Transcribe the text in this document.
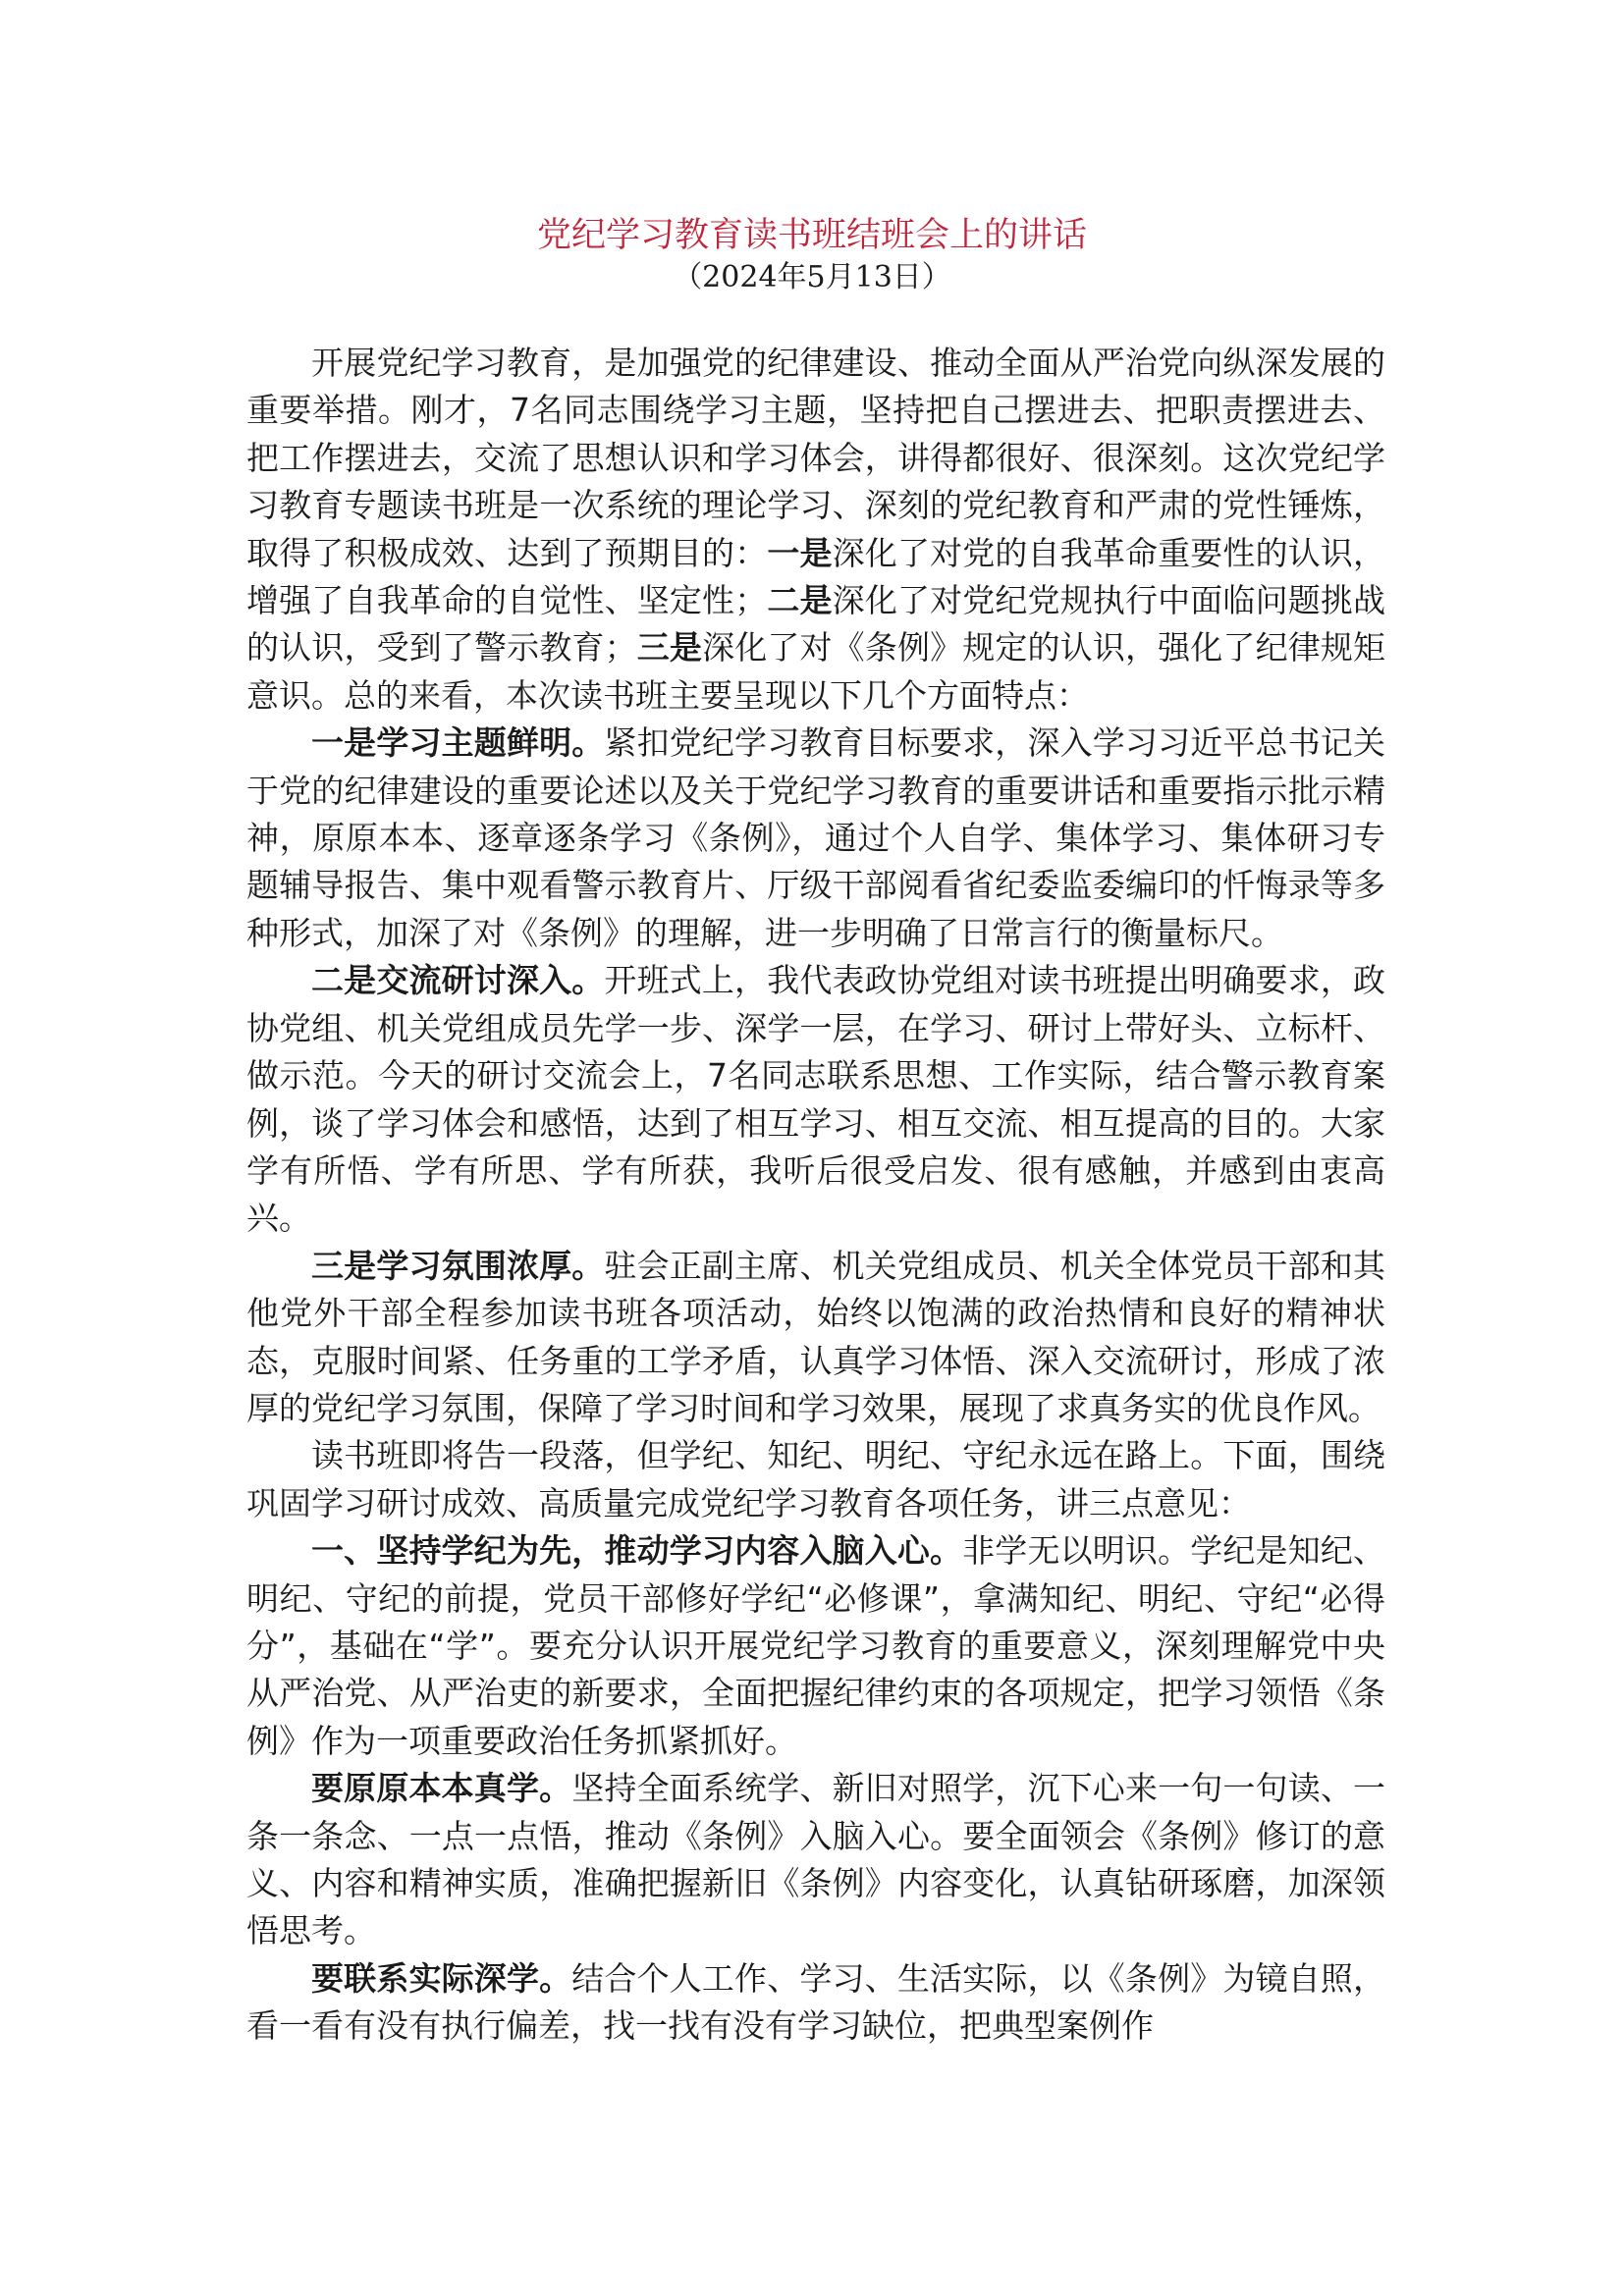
党纪学习教育读书班结班会上的讲话
（2024年5月13日）

开展党纪学习教育，是加强党的纪律建设、推动全面从严治党向纵深发展的重要举措。刚才，7名同志围绕学习主题，坚持把自己摆进去、把职责摆进去、把工作摆进去，交流了思想认识和学习体会，讲得都很好、很深刻。这次党纪学习教育专题读书班是一次系统的理论学习、深刻的党纪教育和严肃的党性锤炼，取得了积极成效、达到了预期目的：一是深化了对党的自我革命重要性的认识，增强了自我革命的自觉性、坚定性；二是深化了对党纪党规执行中面临问题挑战的认识，受到了警示教育；三是深化了对《条例》规定的认识，强化了纪律规矩意识。总的来看，本次读书班主要呈现以下几个方面特点：

一是学习主题鲜明。紧扣党纪学习教育目标要求，深入学习习近平总书记关于党的纪律建设的重要论述以及关于党纪学习教育的重要讲话和重要指示批示精神，原原本本、逐章逐条学习《条例》，通过个人自学、集体学习、集体研习专题辅导报告、集中观看警示教育片、厅级干部阅看省纪委监委编印的忏悔录等多种形式，加深了对《条例》的理解，进一步明确了日常言行的衡量标尺。

二是交流研讨深入。开班式上，我代表政协党组对读书班提出明确要求，政协党组、机关党组成员先学一步、深学一层，在学习、研讨上带好头、立标杆、做示范。今天的研讨交流会上，7名同志联系思想、工作实际，结合警示教育案例，谈了学习体会和感悟，达到了相互学习、相互交流、相互提高的目的。大家学有所悟、学有所思、学有所获，我听后很受启发、很有感触，并感到由衷高兴。

三是学习氛围浓厚。驻会正副主席、机关党组成员、机关全体党员干部和其他党外干部全程参加读书班各项活动，始终以饱满的政治热情和良好的精神状态，克服时间紧、任务重的工学矛盾，认真学习体悟、深入交流研讨，形成了浓厚的党纪学习氛围，保障了学习时间和学习效果，展现了求真务实的优良作风。

读书班即将告一段落，但学纪、知纪、明纪、守纪永远在路上。下面，围绕巩固学习研讨成效、高质量完成党纪学习教育各项任务，讲三点意见：

一、坚持学纪为先，推动学习内容入脑入心。非学无以明识。学纪是知纪、明纪、守纪的前提，党员干部修好学纪“必修课”，拿满知纪、明纪、守纪“必得分”，基础在“学”。要充分认识开展党纪学习教育的重要意义，深刻理解党中央从严治党、从严治吏的新要求，全面把握纪律约束的各项规定，把学习领悟《条例》作为一项重要政治任务抓紧抓好。

要原原本本真学。坚持全面系统学、新旧对照学，沉下心来一句一句读、一条一条念、一点一点悟，推动《条例》入脑入心。要全面领会《条例》修订的意义、内容和精神实质，准确把握新旧《条例》内容变化，认真钻研琢磨，加深领悟思考。

要联系实际深学。结合个人工作、学习、生活实际，以《条例》为镜自照，看一看有没有执行偏差，找一找有没有学习缺位，把典型案例作
